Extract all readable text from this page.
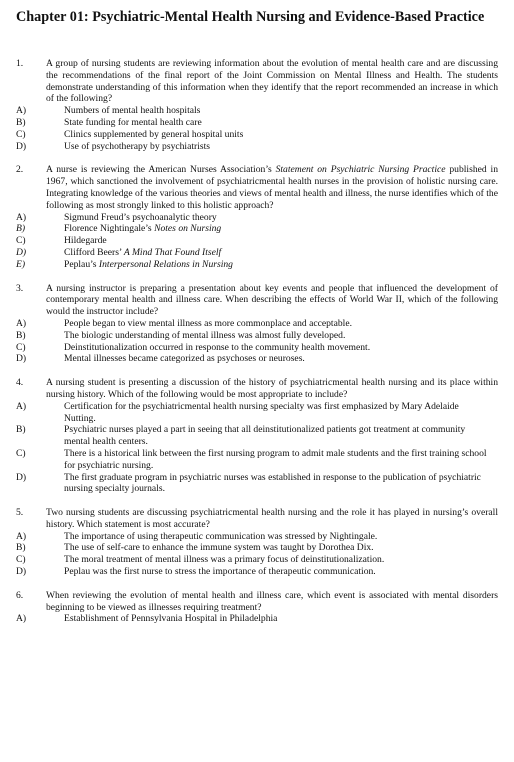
Chapter 01: Psychiatric-Mental Health Nursing and Evidence-Based Practice
1.	A group of nursing students are reviewing information about the evolution of mental health care and are discussing the recommendations of the final report of the Joint Commission on Mental Illness and Health. The students demonstrate understanding of this information when they identify that the report recommended an increase in which of the following?
A)	Numbers of mental health hospitals
B)	State funding for mental health care
C)	Clinics supplemented by general hospital units
D)	Use of psychotherapy by psychiatrists
2.	A nurse is reviewing the American Nurses Association’s Statement on Psychiatric Nursing Practice published in 1967, which sanctioned the involvement of psychiatricmental health nurses in the provision of holistic nursing care. Integrating knowledge of the various theories and views of mental health and illness, the nurse identifies which of the following as most strongly linked to this holistic approach?
A)	Sigmund Freud’s psychoanalytic theory
B)	Florence Nightingale’s Notes on Nursing
C)	Hildegarde
D)	Clifford Beers’ A Mind That Found Itself
E)	Peplau’s Interpersonal Relations in Nursing
3.	A nursing instructor is preparing a presentation about key events and people that influenced the development of contemporary mental health and illness care. When describing the effects of World War II, which of the following would the instructor include?
A)	People began to view mental illness as more commonplace and acceptable.
B)	The biologic understanding of mental illness was almost fully developed.
C)	Deinstitutionalization occurred in response to the community health movement.
D)	Mental illnesses became categorized as psychoses or neuroses.
4.	A nursing student is presenting a discussion of the history of psychiatricmental health nursing and its place within nursing history. Which of the following would be most appropriate to include?
A)	Certification for the psychiatricmental health nursing specialty was first emphasized by Mary Adelaide Nutting.
B)	Psychiatric nurses played a part in seeing that all deinstitutionalized patients got treatment at community mental health centers.
C)	There is a historical link between the first nursing program to admit male students and the first training school for psychiatric nursing.
D)	The first graduate program in psychiatric nurses was established in response to the publication of psychiatric nursing specialty journals.
5.	Two nursing students are discussing psychiatricmental health nursing and the role it has played in nursing’s overall history. Which statement is most accurate?
A)	The importance of using therapeutic communication was stressed by Nightingale.
B)	The use of self-care to enhance the immune system was taught by Dorothea Dix.
C)	The moral treatment of mental illness was a primary focus of deinstitutionalization.
D)	Peplau was the first nurse to stress the importance of therapeutic communication.
6.	When reviewing the evolution of mental health and illness care, which event is associated with mental disorders beginning to be viewed as illnesses requiring treatment?
A)	Establishment of Pennsylvania Hospital in Philadelphia
